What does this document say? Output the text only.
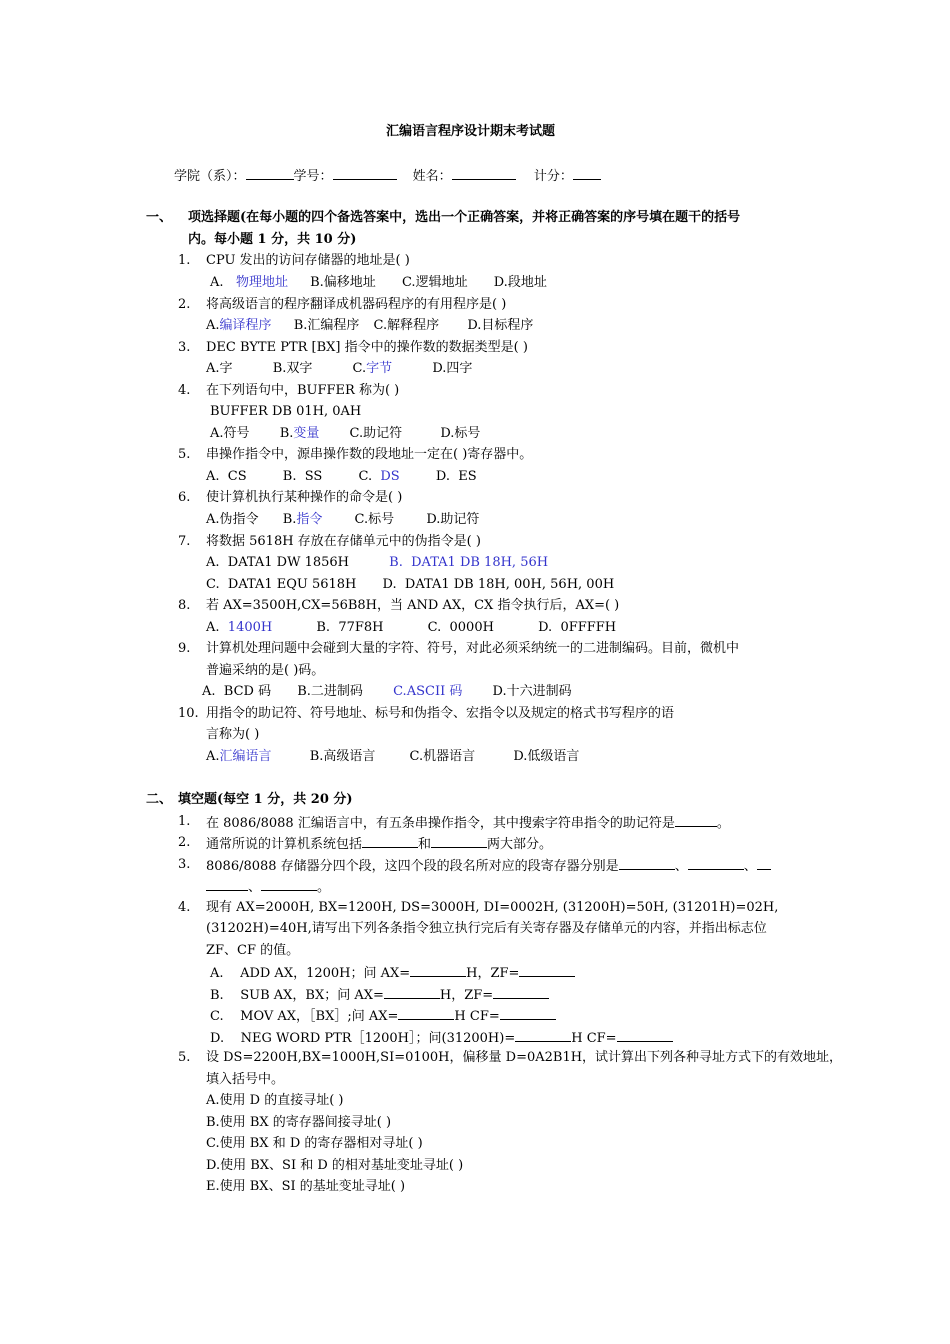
汇编语言程序设计期末考试题
学院（系）：	学号：	姓名：	计分：
一、 项选择题(在每小题的四个备选答案中，选出一个正确答案，并将正确答案的序号填在题干的括号
内。每小题 1 分，共 10 分)
1. CPU 发出的访问存储器的地址是( )
A. 物理地址 B.偏移地址 C.逻辑地址 D.段地址
2. 将高级语言的程序翻译成机器码程序的有用程序是( )
A.编译程序 B.汇编程序 C.解释程序 D.目标程序
3. DEC BYTE PTR [BX] 指令中的操作数的数据类型是( )
A.字	B.双字	C.字节	D.四字
4. 在下列语句中，BUFFER 称为( )
BUFFER DB 01H, 0AH
A.符号 B.变量 C.助记符	D.标号
5. 串操作指令中，源串操作数的段地址一定在( )寄存器中。
A. CS	B. SS	C. DS	D. ES
6. 使计算机执行某种操作的命令是( )
A.伪指令 B.指令 C.标号 D.助记符
7. 将数据 5618H 存放在存储单元中的伪指令是( )
A. DATA1 DW 1856H	B. DATA1 DB 18H, 56H
C. DATA1 EQU 5618H D. DATA1 DB 18H, 00H, 56H, 00H
8. 若 AX=3500H,CX=56B8H，当 AND AX，CX 指令执行后，AX=( )
A. 1400H	B. 77F8H	C. 0000H	D. 0FFFFH
9. 计算机处理问题中会碰到大量的字符、符号，对此必须采纳统一的二进制编码。目前，微机中
普遍采纳的是( )码。
A. BCD 码 B.二进制码 C.ASCII 码 D.十六进制码
10. 用指令的助记符、符号地址、标号和伪指令、宏指令以及规定的格式书写程序的语
言称为( )
A.汇编语言	B.高级语言	C.机器语言	D.低级语言
二、 填空题(每空 1 分，共 20 分)
1. 在 8086/8088 汇编语言中，有五条串操作指令，其中搜索字符串指令的助记符是	。
2. 通常所说的计算机系统包括	和	两大部分。
3. 8086/8088 存储器分四个段，这四个段的段名所对应的段寄存器分别是	、	、
、	。
4. 现有 AX=2000H, BX=1200H, DS=3000H, DI=0002H, (31200H)=50H, (31201H)=02H,
(31202H)=40H,请写出下列各条指令独立执行完后有关寄存器及存储单元的内容，并指出标志位
ZF、CF 的值。
A. ADD AX，1200H；问 AX=	H，ZF=
B. SUB AX，BX；问 AX=	H，ZF=
C. MOV AX，［BX］;问 AX=	H CF=
D. NEG WORD PTR［1200H］；问(31200H)=	H CF=
5. 设 DS=2200H,BX=1000H,SI=0100H，偏移量 D=0A2B1H，试计算出下列各种寻址方式下的有效地址，
填入括号中。
A.使用 D 的直接寻址( )
B.使用 BX 的寄存器间接寻址( )
C.使用 BX 和 D 的寄存器相对寻址( )
D.使用 BX、SI 和 D 的相对基址变址寻址( )
E.使用 BX、SI 的基址变址寻址( )
